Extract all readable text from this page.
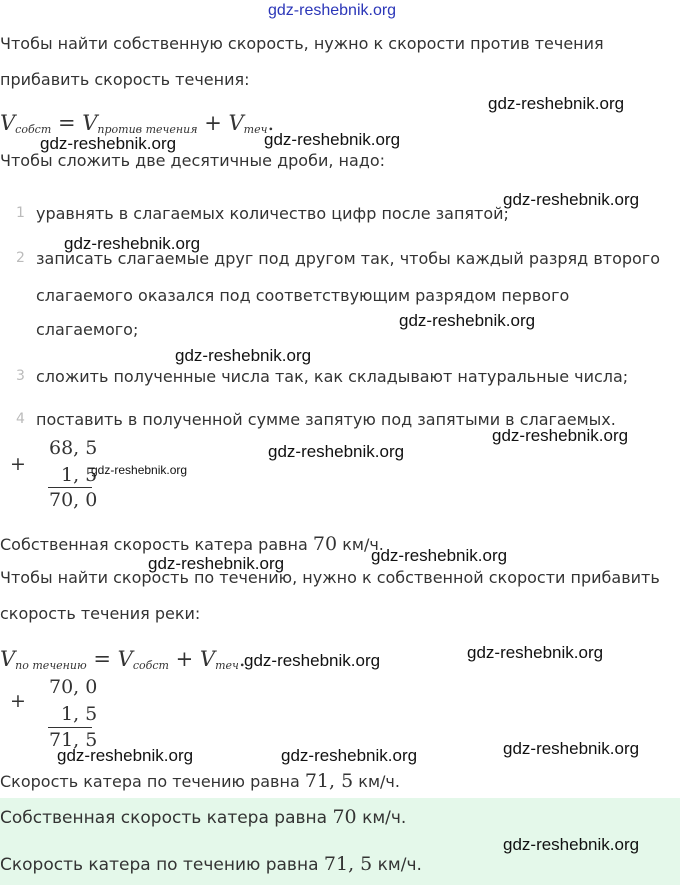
gdz-reshebnik.org
Чтобы найти собственную скорость, нужно к скорости против течения
прибавить скорость течения:
Vсобст = Vпротив течения + Vтеч.
Чтобы сложить две десятичные дроби, надо:
1 уравнять в слагаемых количество цифр после запятой;
2 записать слагаемые друг под другом так, чтобы каждый разряд второго
слагаемого оказался под соответствующим разрядом первого
слагаемого;
3 сложить полученные числа так, как складывают натуральные числа;
4 поставить в полученной сумме запятую под запятыми в слагаемых.
+
68, 5
1, 5
70, 0
Собственная скорость катера равна 70 км/ч.
Чтобы найти скорость по течению, нужно к собственной скорости прибавить
скорость течения реки:
Vпо течению = Vсобст + Vтеч.
+
70, 0
1, 5
71, 5
Скорость катера по течению равна 71, 5 км/ч.
Собственная скорость катера равна 70 км/ч.
Скорость катера по течению равна 71, 5 км/ч.
gdz-reshebnik.org
gdz-reshebnik.org	gdz-reshebnik.org
gdz-reshebnik.org
gdz-reshebnik.org
gdz-reshebnik.org
gdz-reshebnik.org
gdz-reshebnik.org
gdz-reshebnik.org
gdz-reshebnik.org
gdz-reshebnik.org
gdz-reshebnik.org
gdz-reshebnik.org
gdz-reshebnik.org
gdz-reshebnik.org	gdz-reshebnik.org	gdz-reshebnik.org
gdz-reshebnik.org
